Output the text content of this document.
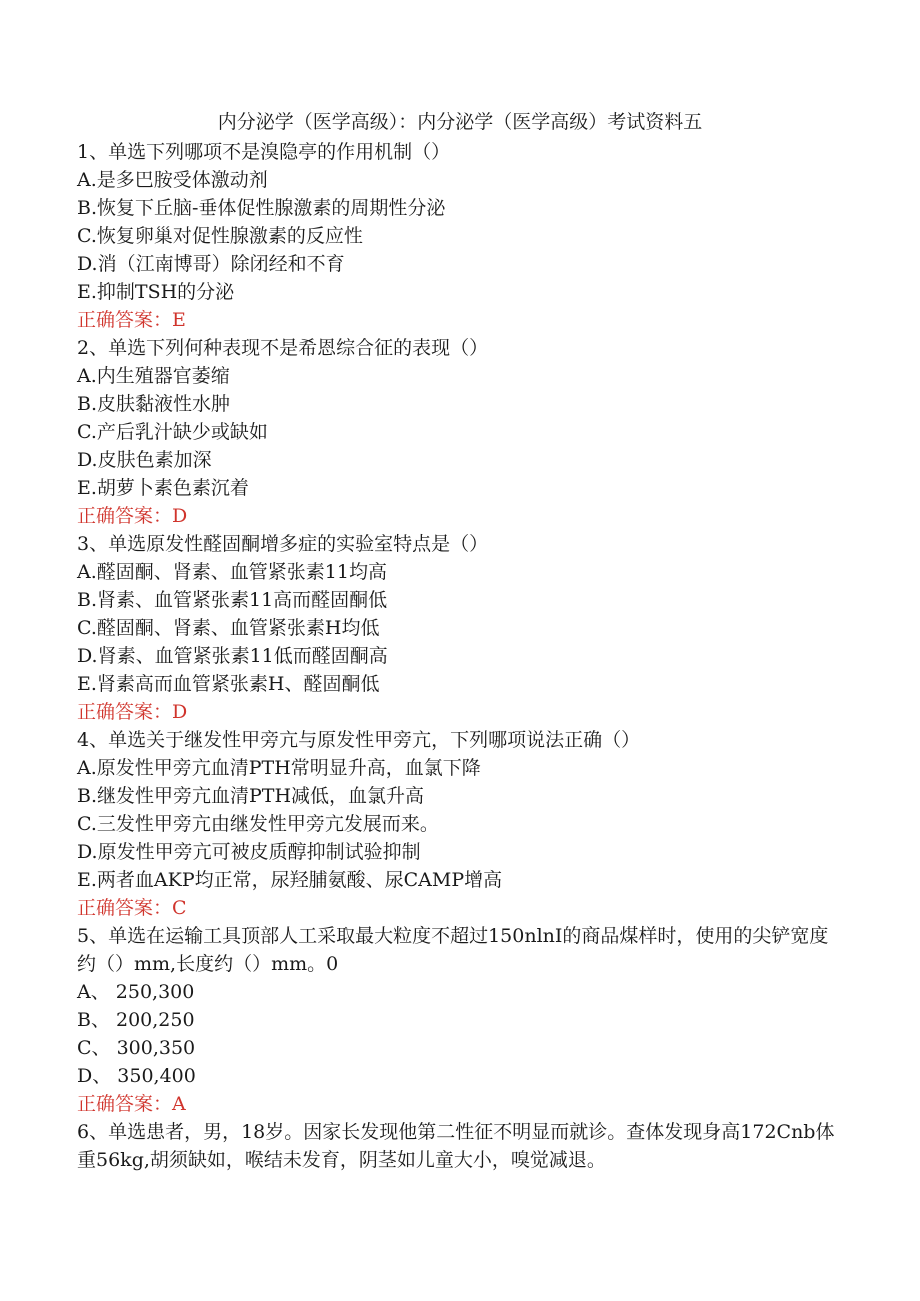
内分泌学（医学高级）：内分泌学（医学高级）考试资料五
1、单选下列哪项不是溴隐亭的作用机制（）
A.是多巴胺受体激动剂
B.恢复下丘脑-垂体促性腺激素的周期性分泌
C.恢复卵巢对促性腺激素的反应性
D.消（江南博哥）除闭经和不育
E.抑制TSH的分泌
正确答案：E
2、单选下列何种表现不是希恩综合征的表现（）
A.内生殖器官萎缩
B.皮肤黏液性水肿
C.产后乳汁缺少或缺如
D.皮肤色素加深
E.胡萝卜素色素沉着
正确答案：D
3、单选原发性醛固酮增多症的实验室特点是（）
A.醛固酮、肾素、血管紧张素11均高
B.肾素、血管紧张素11高而醛固酮低
C.醛固酮、肾素、血管紧张素H均低
D.肾素、血管紧张素11低而醛固酮高
E.肾素高而血管紧张素H、醛固酮低
正确答案：D
4、单选关于继发性甲旁亢与原发性甲旁亢，下列哪项说法正确（）
A.原发性甲旁亢血清PTH常明显升高，血氯下降
B.继发性甲旁亢血清PTH减低，血氯升高
C.三发性甲旁亢由继发性甲旁亢发展而来。
D.原发性甲旁亢可被皮质醇抑制试验抑制
E.两者血AKP均正常，尿羟脯氨酸、尿CAMP增高
正确答案：C
5、单选在运输工具顶部人工采取最大粒度不超过150nlnI的商品煤样时，使用的尖铲宽度约（）mm,长度约（）mm。0
A、 250,300
B、 200,250
C、 300,350
D、 350,400
正确答案：A
6、单选患者，男，18岁。因家长发现他第二性征不明显而就诊。查体发现身高172Cnb体重56kg,胡须缺如，喉结未发育，阴茎如儿童大小，嗅觉减退。
